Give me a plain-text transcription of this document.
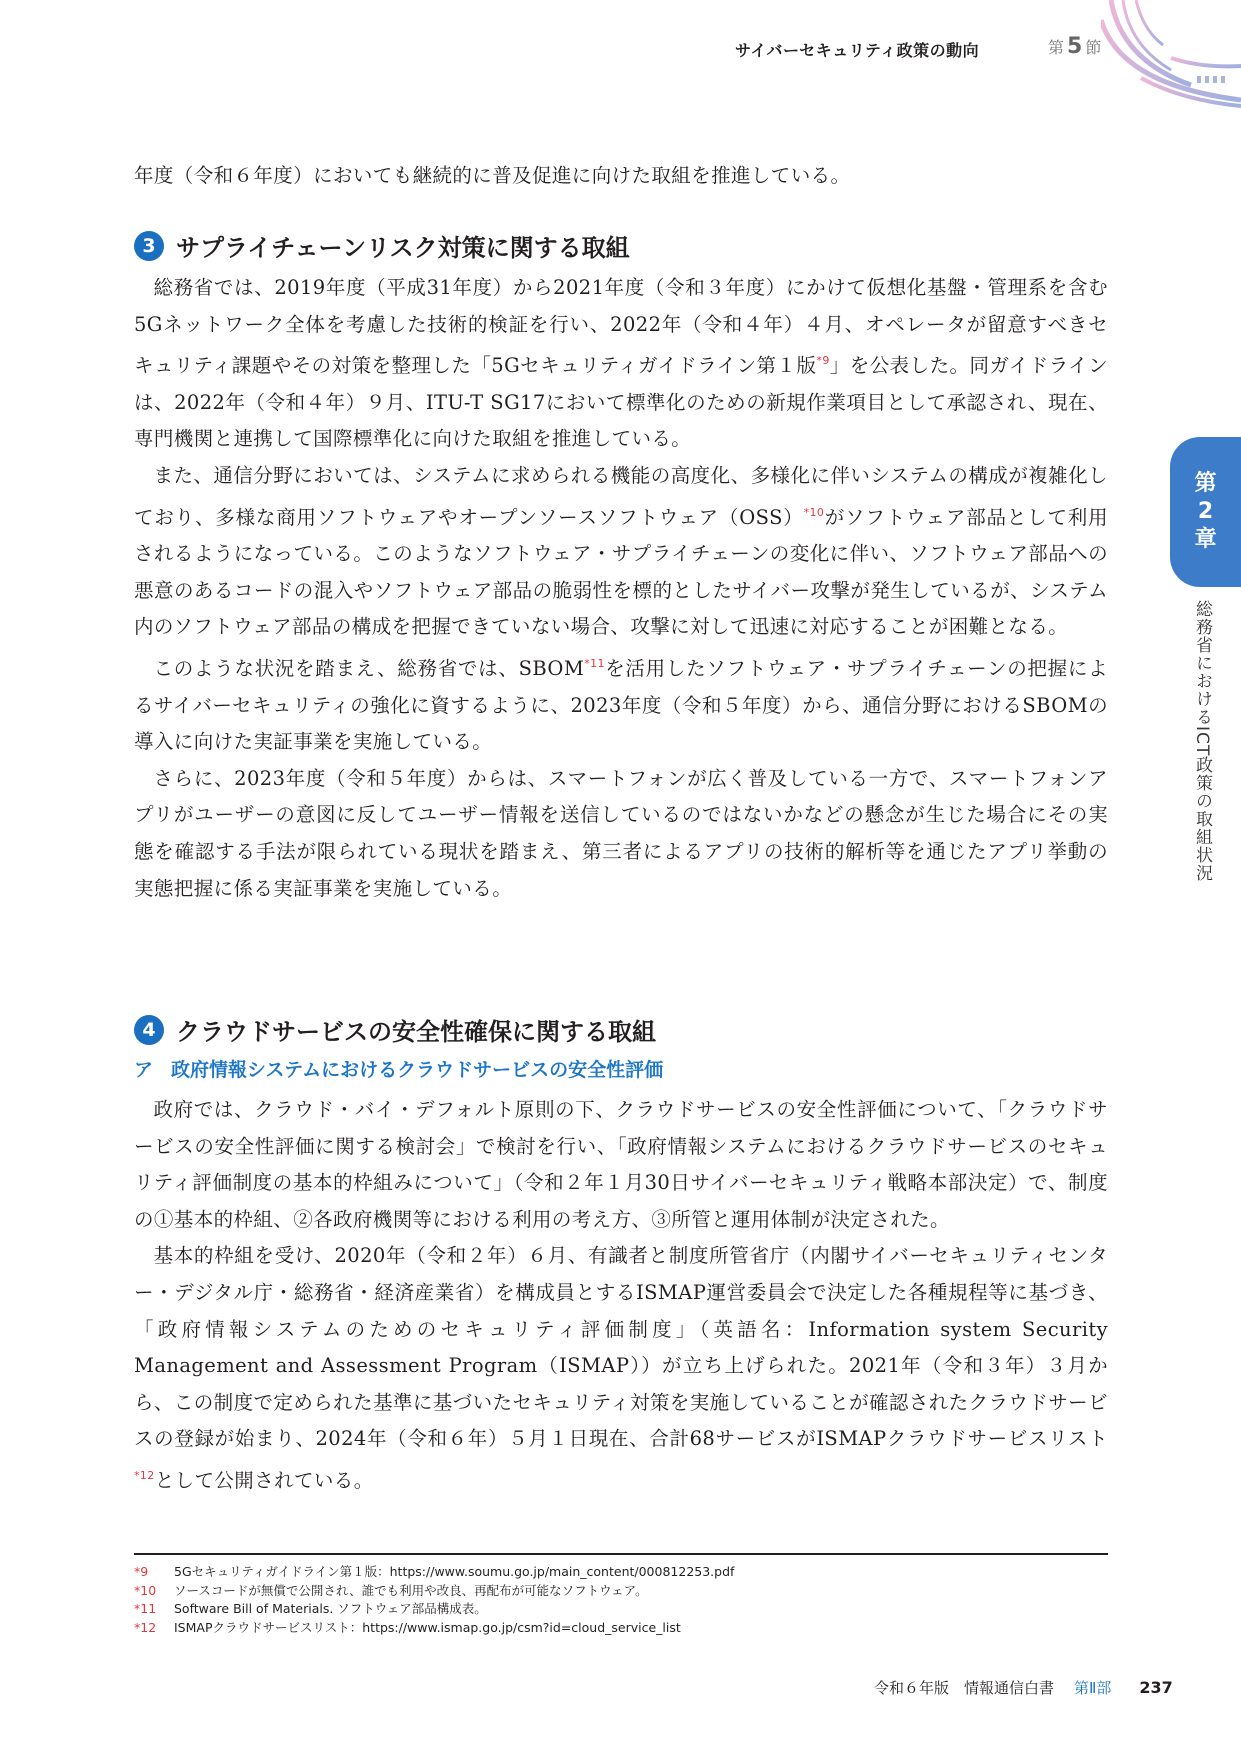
サイバーセキュリティ政策の動向	第 5 節

年度（令和６年度）においても継続的に普及促進に向けた取組を推進している。

3 サプライチェーンリスク対策に関する取組

総務省では、2019年度（平成31年度）から2021年度（令和３年度）にかけて仮想化基盤・管理系を含む5Gネットワーク全体を考慮した技術的検証を行い、2022年（令和４年）４月、オペレータが留意すべきセキュリティ課題やその対策を整理した「5Gセキュリティガイドライン第１版$^{*9}$」を公表した。同ガイドラインは、2022年（令和４年）９月、ITU-T SG17において標準化のための新規作業項目として承認され、現在、専門機関と連携して国際標準化に向けた取組を推進している。

また、通信分野においては、システムに求められる機能の高度化、多様化に伴いシステムの構成が複雑化しており、多様な商用ソフトウェアやオープンソースソフトウェア（OSS）$^{*10}$がソフトウェア部品として利用されるようになっている。このようなソフトウェア・サプライチェーンの変化に伴い、ソフトウェア部品への悪意のあるコードの混入やソフトウェア部品の脆弱性を標的としたサイバー攻撃が発生しているが、システム内のソフトウェア部品の構成を把握できていない場合、攻撃に対して迅速に対応することが困難となる。

このような状況を踏まえ、総務省では、SBOM$^{*11}$を活用したソフトウェア・サプライチェーンの把握によるサイバーセキュリティの強化に資するように、2023年度（令和５年度）から、通信分野におけるSBOMの導入に向けた実証事業を実施している。

さらに、2023年度（令和５年度）からは、スマートフォンが広く普及している一方で、スマートフォンアプリがユーザーの意図に反してユーザー情報を送信しているのではないかなどの懸念が生じた場合にその実態を確認する手法が限られている現状を踏まえ、第三者によるアプリの技術的解析等を通じたアプリ挙動の実態把握に係る実証事業を実施している。

4 クラウドサービスの安全性確保に関する取組
ア 政府情報システムにおけるクラウドサービスの安全性評価

政府では、クラウド・バイ・デフォルト原則の下、クラウドサービスの安全性評価について、「クラウドサービスの安全性評価に関する検討会」で検討を行い、「政府情報システムにおけるクラウドサービスのセキュリティ評価制度の基本的枠組みについて」（令和２年１月30日サイバーセキュリティ戦略本部決定）で、制度の①基本的枠組、②各政府機関等における利用の考え方、③所管と運用体制が決定された。

基本的枠組を受け、2020年（令和２年）６月、有識者と制度所管省庁（内閣サイバーセキュリティセンター・デジタル庁・総務省・経済産業省）を構成員とするISMAP運営委員会で決定した各種規程等に基づき、「政府情報システムのためのセキュリティ評価制度」（英語名：Information system Security Management and Assessment Program（ISMAP））が立ち上げられた。2021年（令和３年）３月から、この制度で定められた基準に基づいたセキュリティ対策を実施していることが確認されたクラウドサービスの登録が始まり、2024年（令和６年）５月１日現在、合計68サービスがISMAPクラウドサービスリスト$^{*12}$として公開されている。

第
2
章
総務省におけるICT政策の取組状況
*9 5Gセキュリティガイドライン第１版：https://www.soumu.go.jp/main_content/000812253.pdf
*10 ソースコードが無償で公開され、誰でも利用や改良、再配布が可能なソフトウェア。
*11 Software Bill of Materials. ソフトウェア部品構成表。
*12 ISMAPクラウドサービスリスト：https://www.ismap.go.jp/csm?id=cloud_service_list
令和６年版　情報通信白書 第Ⅱ部 237
